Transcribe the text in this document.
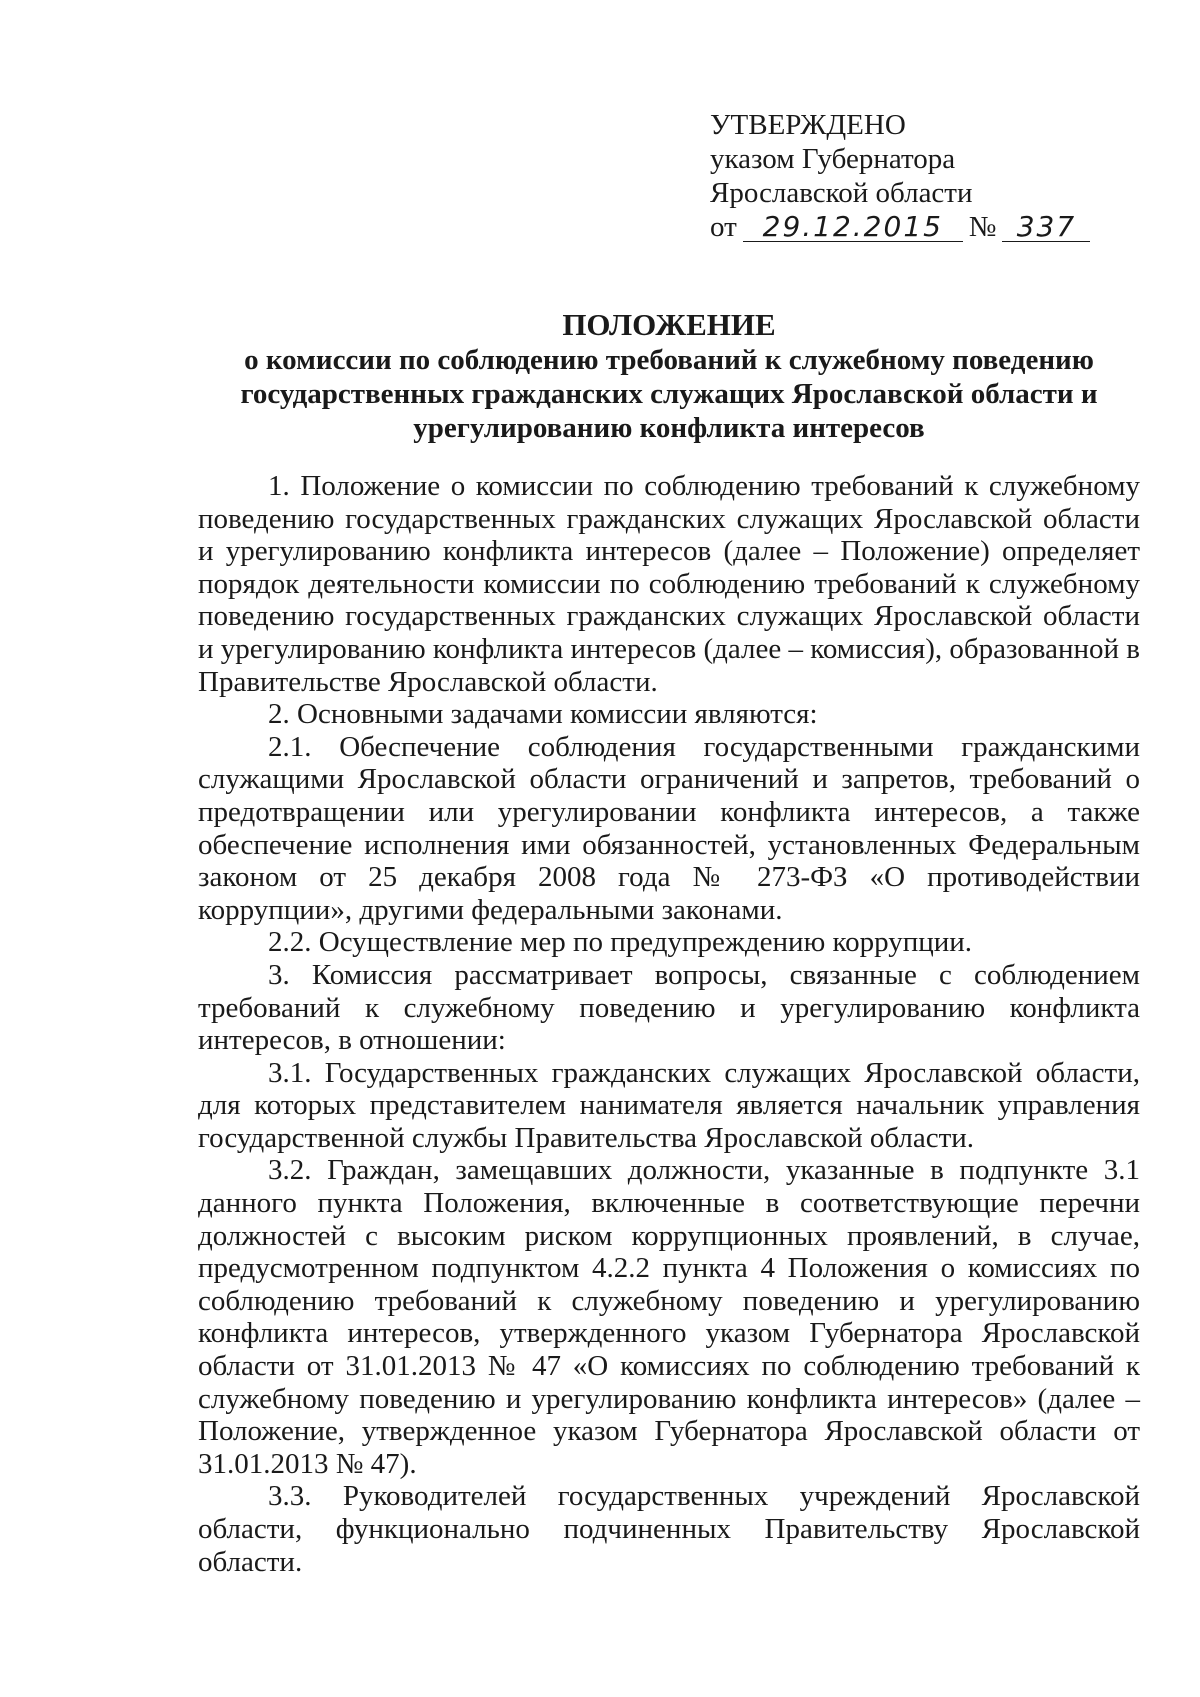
УТВЕРЖДЕНО
указом Губернатора
Ярославской области
от 29.12.2015 № 337
ПОЛОЖЕНИЕ
о комиссии по соблюдению требований к служебному поведению
государственных гражданских служащих Ярославской области и
урегулированию конфликта интересов

1. Положение о комиссии по соблюдению требований к служебному поведению государственных гражданских служащих Ярославской области и урегулированию конфликта интересов (далее – Положение) определяет порядок деятельности комиссии по соблюдению требований к служебному поведению государственных гражданских служащих Ярославской области и урегулированию конфликта интересов (далее – комиссия), образованной в Правительстве Ярославской области.

2. Основными задачами комиссии являются:

2.1. Обеспечение соблюдения государственными гражданскими служащими Ярославской области ограничений и запретов, требований о предотвращении или урегулировании конфликта интересов, а также обеспечение исполнения ими обязанностей, установленных Федеральным законом от 25 декабря 2008 года № 273-ФЗ «О противодействии коррупции», другими федеральными законами.

2.2. Осуществление мер по предупреждению коррупции.

3. Комиссия рассматривает вопросы, связанные с соблюдением требований к служебному поведению и урегулированию конфликта интересов, в отношении:

3.1. Государственных гражданских служащих Ярославской области, для которых представителем нанимателя является начальник управления государственной службы Правительства Ярославской области.

3.2. Граждан, замещавших должности, указанные в подпункте 3.1 данного пункта Положения, включенные в соответствующие перечни должностей с высоким риском коррупционных проявлений, в случае, предусмотренном подпунктом 4.2.2 пункта 4 Положения о комиссиях по соблюдению требований к служебному поведению и урегулированию конфликта интересов, утвержденного указом Губернатора Ярославской области от 31.01.2013 № 47 «О комиссиях по соблюдению требований к служебному поведению и урегулированию конфликта интересов» (далее – Положение, утвержденное указом Губернатора Ярославской области от 31.01.2013 № 47).

3.3. Руководителей государственных учреждений Ярославской области, функционально подчиненных Правительству Ярославской области.
